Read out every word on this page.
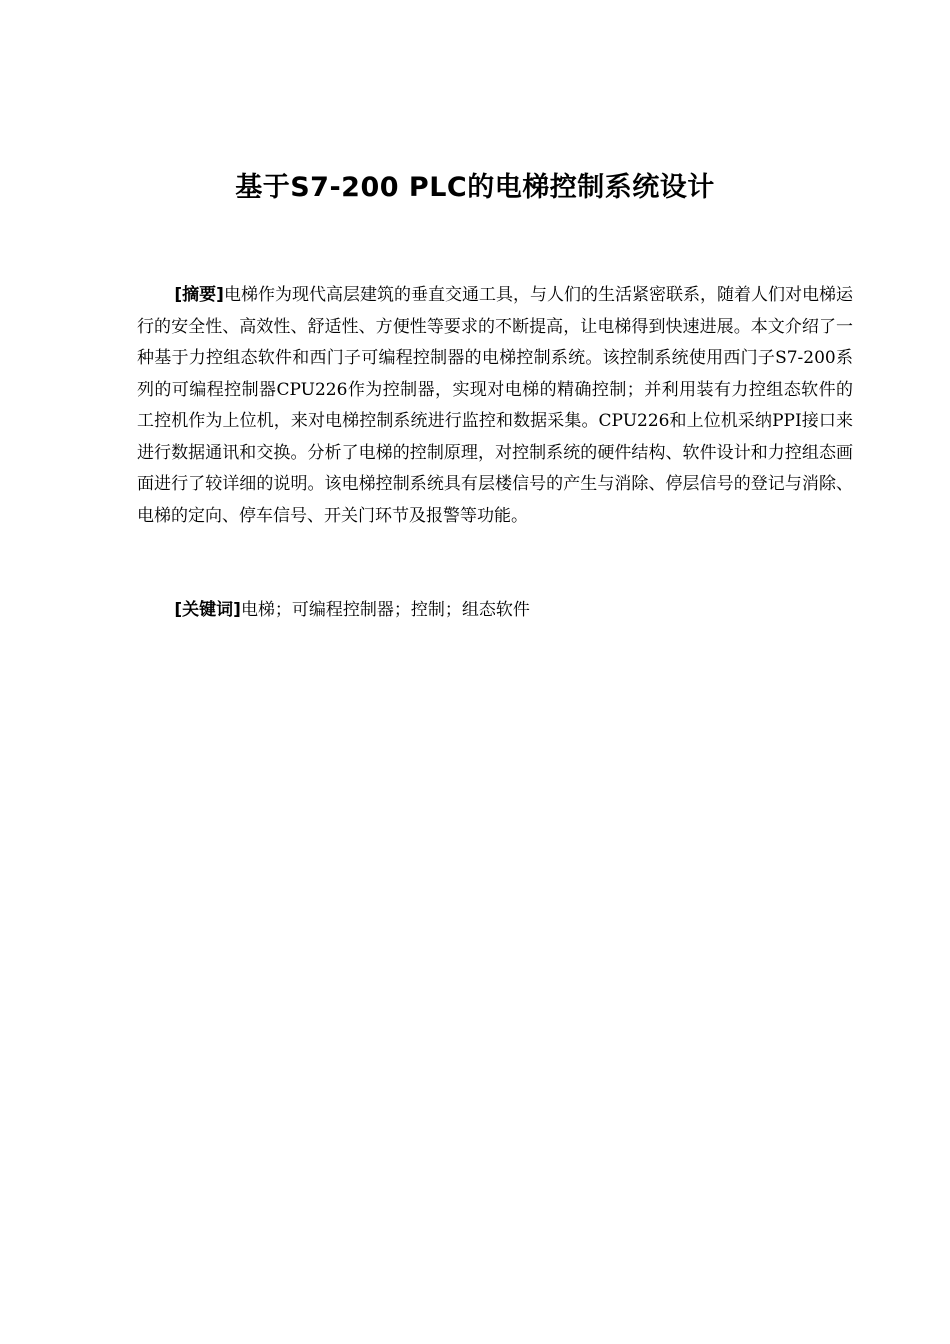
基于S7-200 PLC的电梯控制系统设计

[摘要]电梯作为现代高层建筑的垂直交通工具，与人们的生活紧密联系，随着人们对电梯运行的安全性、高效性、舒适性、方便性等要求的不断提高，让电梯得到快速进展。本文介绍了一种基于力控组态软件和西门子可编程控制器的电梯控制系统。该控制系统使用西门子S7-200系列的可编程控制器CPU226作为控制器，实现对电梯的精确控制；并利用装有力控组态软件的工控机作为上位机，来对电梯控制系统进行监控和数据采集。CPU226和上位机采纳PPI接口来进行数据通讯和交换。分析了电梯的控制原理，对控制系统的硬件结构、软件设计和力控组态画面进行了较详细的说明。该电梯控制系统具有层楼信号的产生与消除、停层信号的登记与消除、电梯的定向、停车信号、开关门环节及报警等功能。

[关键词]电梯；可编程控制器；控制；组态软件
